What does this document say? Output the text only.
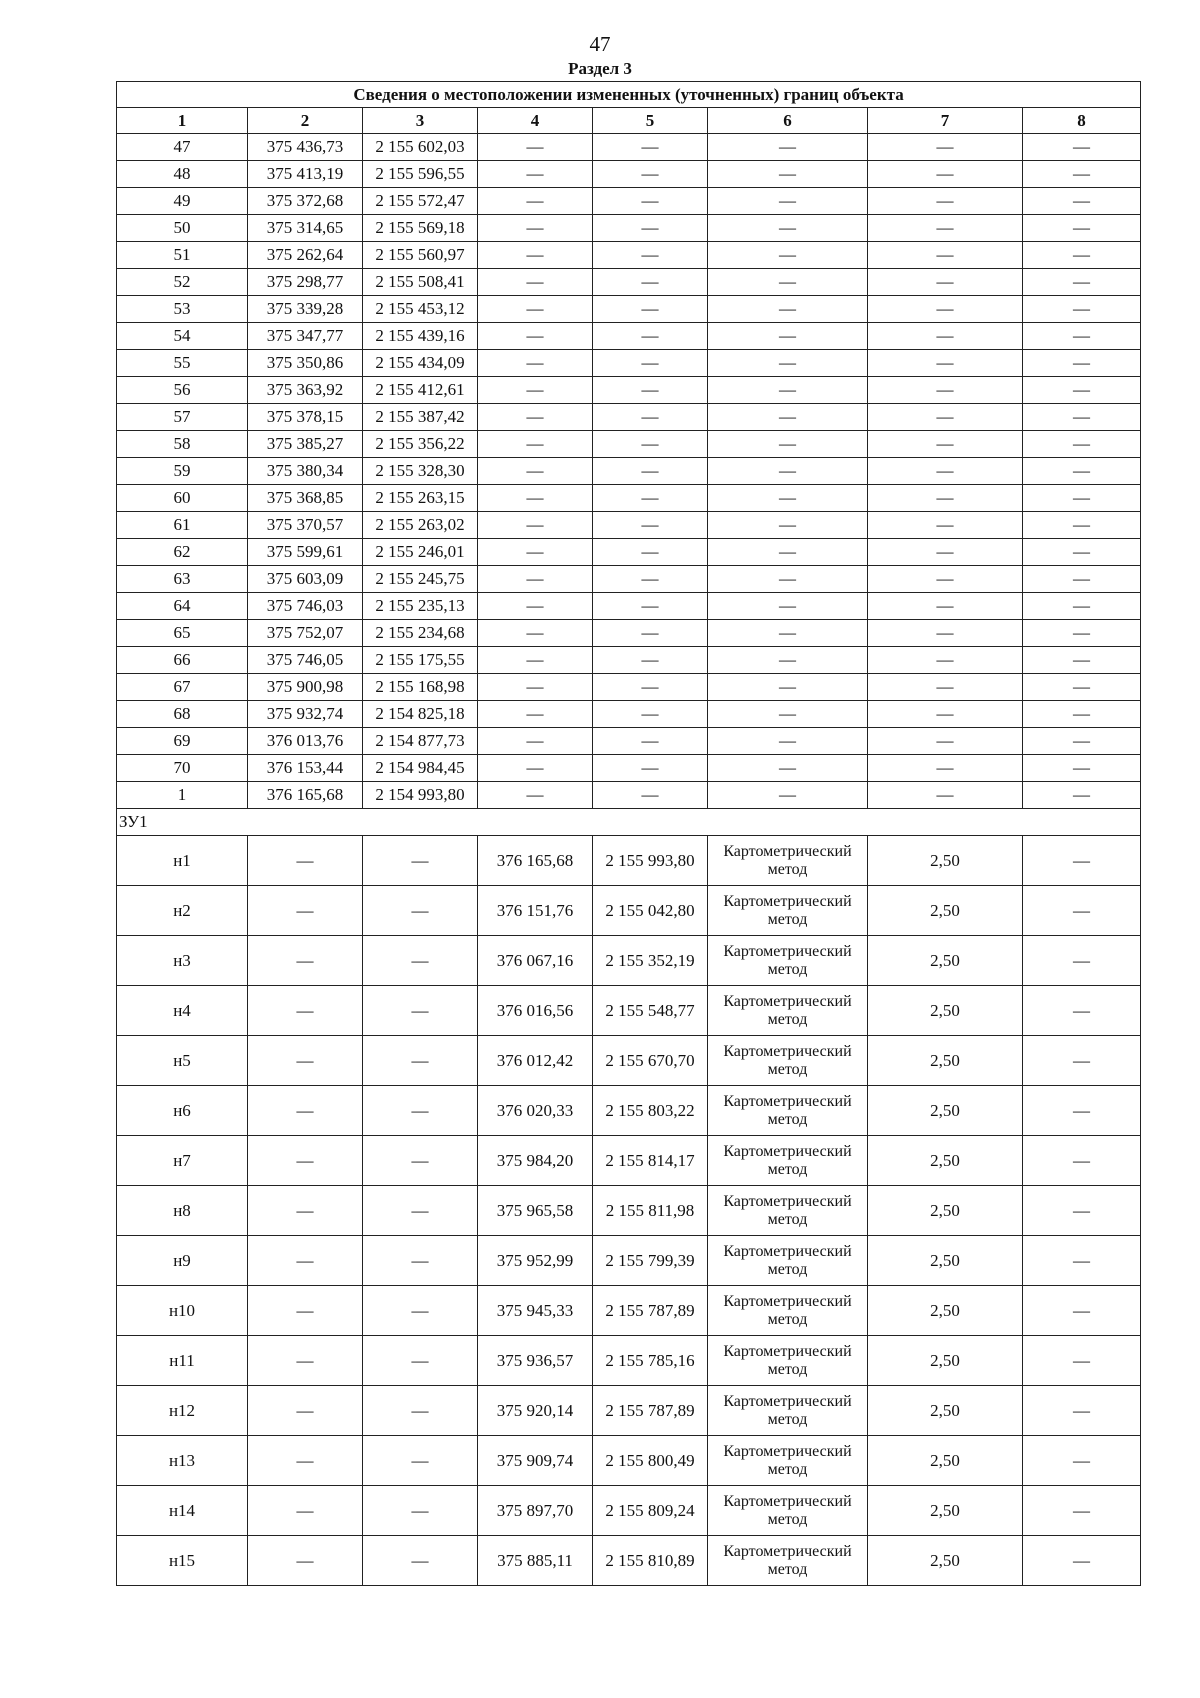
47
Раздел 3
Сведения о местоположении измененных (уточненных) границ объекта							
1	2	3	4	5	6	7	8
47	375 436,73	2 155 602,03	—	—	—	—	—
48	375 413,19	2 155 596,55	—	—	—	—	—
49	375 372,68	2 155 572,47	—	—	—	—	—
50	375 314,65	2 155 569,18	—	—	—	—	—
51	375 262,64	2 155 560,97	—	—	—	—	—
52	375 298,77	2 155 508,41	—	—	—	—	—
53	375 339,28	2 155 453,12	—	—	—	—	—
54	375 347,77	2 155 439,16	—	—	—	—	—
55	375 350,86	2 155 434,09	—	—	—	—	—
56	375 363,92	2 155 412,61	—	—	—	—	—
57	375 378,15	2 155 387,42	—	—	—	—	—
58	375 385,27	2 155 356,22	—	—	—	—	—
59	375 380,34	2 155 328,30	—	—	—	—	—
60	375 368,85	2 155 263,15	—	—	—	—	—
61	375 370,57	2 155 263,02	—	—	—	—	—
62	375 599,61	2 155 246,01	—	—	—	—	—
63	375 603,09	2 155 245,75	—	—	—	—	—
64	375 746,03	2 155 235,13	—	—	—	—	—
65	375 752,07	2 155 234,68	—	—	—	—	—
66	375 746,05	2 155 175,55	—	—	—	—	—
67	375 900,98	2 155 168,98	—	—	—	—	—
68	375 932,74	2 154 825,18	—	—	—	—	—
69	376 013,76	2 154 877,73	—	—	—	—	—
70	376 153,44	2 154 984,45	—	—	—	—	—
1	376 165,68	2 154 993,80	—	—	—	—	—
ЗУ1							
н1	—	—	376 165,68	2 155 993,80	Картометрический метод	2,50	—
н2	—	—	376 151,76	2 155 042,80	Картометрический метод	2,50	—
н3	—	—	376 067,16	2 155 352,19	Картометрический метод	2,50	—
н4	—	—	376 016,56	2 155 548,77	Картометрический метод	2,50	—
н5	—	—	376 012,42	2 155 670,70	Картометрический метод	2,50	—
н6	—	—	376 020,33	2 155 803,22	Картометрический метод	2,50	—
н7	—	—	375 984,20	2 155 814,17	Картометрический метод	2,50	—
н8	—	—	375 965,58	2 155 811,98	Картометрический метод	2,50	—
н9	—	—	375 952,99	2 155 799,39	Картометрический метод	2,50	—
н10	—	—	375 945,33	2 155 787,89	Картометрический метод	2,50	—
н11	—	—	375 936,57	2 155 785,16	Картометрический метод	2,50	—
н12	—	—	375 920,14	2 155 787,89	Картометрический метод	2,50	—
н13	—	—	375 909,74	2 155 800,49	Картометрический метод	2,50	—
н14	—	—	375 897,70	2 155 809,24	Картометрический метод	2,50	—
н15	—	—	375 885,11	2 155 810,89	Картометрический метод	2,50	—
